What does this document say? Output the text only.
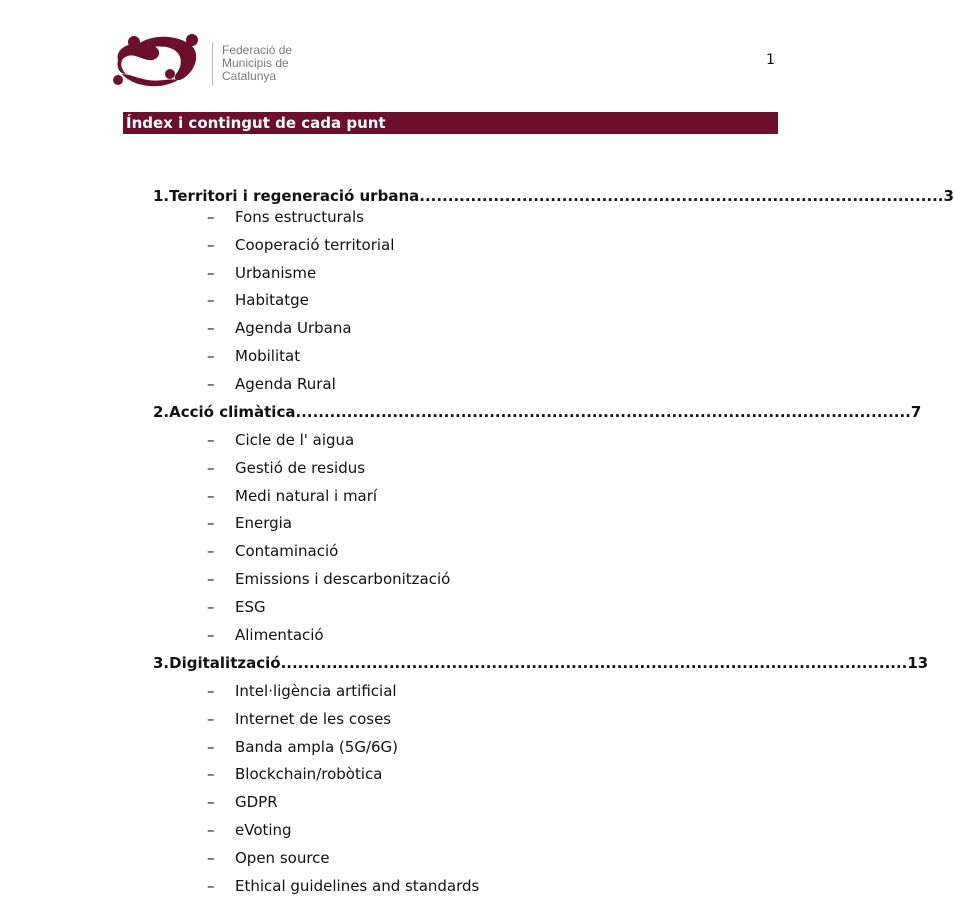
Federació de
Municipis de
Catalunya
1
Índex i contingut de cada punt
1. Territori i regeneració urbana ............................................................................................ 3
– Fons estructurals
– Cooperació territorial
– Urbanisme
– Habitatge
– Agenda Urbana
– Mobilitat
– Agenda Rural
2. Acció climàtica ............................................................................................................ 7
– Cicle de l' aigua
– Gestió de residus
– Medi natural i marí
– Energia
– Contaminació
– Emissions i descarbonització
– ESG
– Alimentació
3. Digitalització .............................................................................................................. 13
– Intel·ligència artificial
– Internet de les coses
– Banda ampla (5G/6G)
– Blockchain/robòtica
– GDPR
– eVoting
– Open source
– Ethical guidelines and standards
